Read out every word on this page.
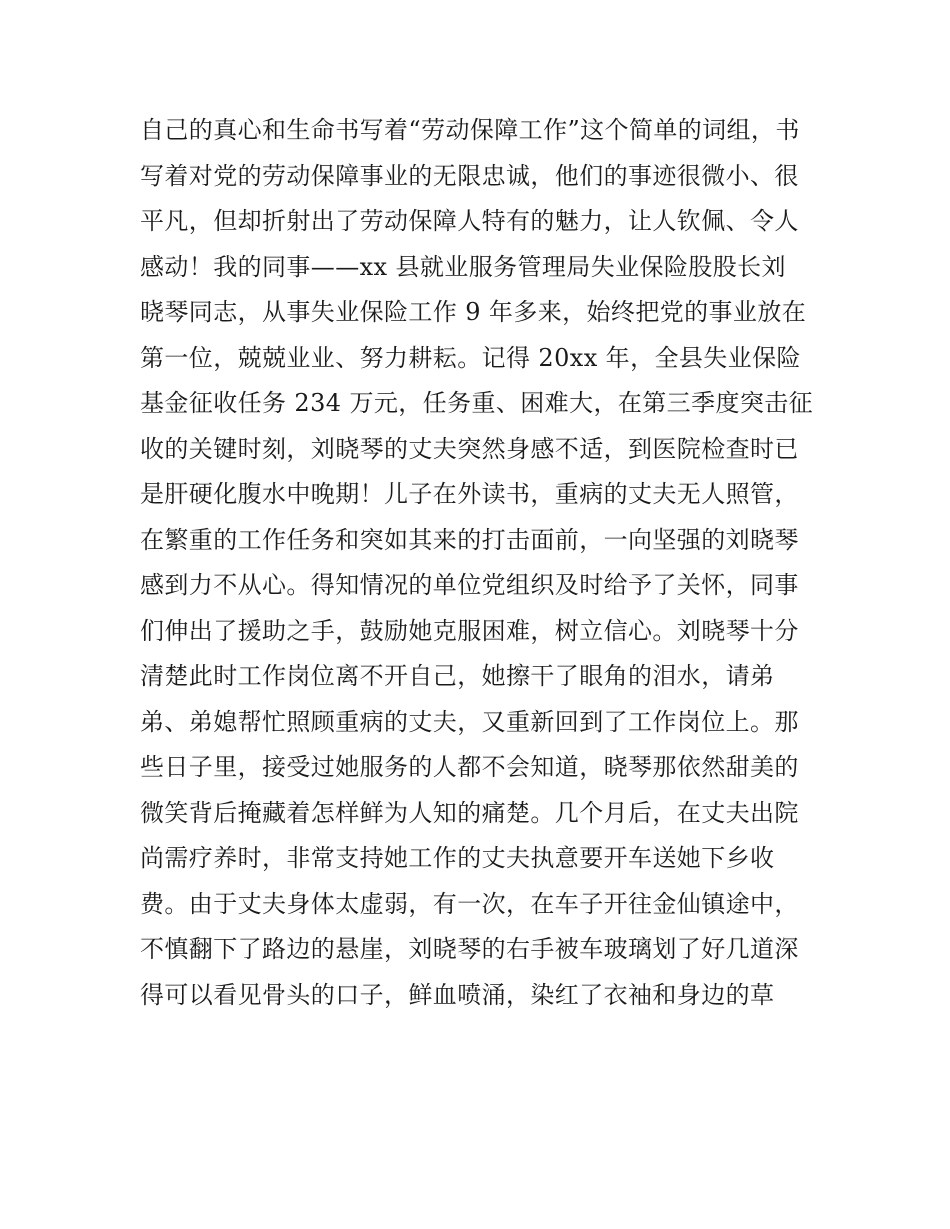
自己的真心和生命书写着“劳动保障工作”这个简单的词组，书
写着对党的劳动保障事业的无限忠诚，他们的事迹很微小、很
平凡，但却折射出了劳动保障人特有的魅力，让人钦佩、令人
感动！我的同事——xx 县就业服务管理局失业保险股股长刘
晓琴同志，从事失业保险工作 9 年多来，始终把党的事业放在
第一位，兢兢业业、努力耕耘。记得 20xx 年，全县失业保险
基金征收任务 234 万元，任务重、困难大，在第三季度突击征
收的关键时刻，刘晓琴的丈夫突然身感不适，到医院检查时已
是肝硬化腹水中晚期！儿子在外读书，重病的丈夫无人照管，
在繁重的工作任务和突如其来的打击面前，一向坚强的刘晓琴
感到力不从心。得知情况的单位党组织及时给予了关怀，同事
们伸出了援助之手，鼓励她克服困难，树立信心。刘晓琴十分
清楚此时工作岗位离不开自己，她擦干了眼角的泪水，请弟
弟、弟媳帮忙照顾重病的丈夫，又重新回到了工作岗位上。那
些日子里，接受过她服务的人都不会知道，晓琴那依然甜美的
微笑背后掩藏着怎样鲜为人知的痛楚。几个月后，在丈夫出院
尚需疗养时，非常支持她工作的丈夫执意要开车送她下乡收
费。由于丈夫身体太虚弱，有一次，在车子开往金仙镇途中，
不慎翻下了路边的悬崖，刘晓琴的右手被车玻璃划了好几道深
得可以看见骨头的口子，鲜血喷涌，染红了衣袖和身边的草
